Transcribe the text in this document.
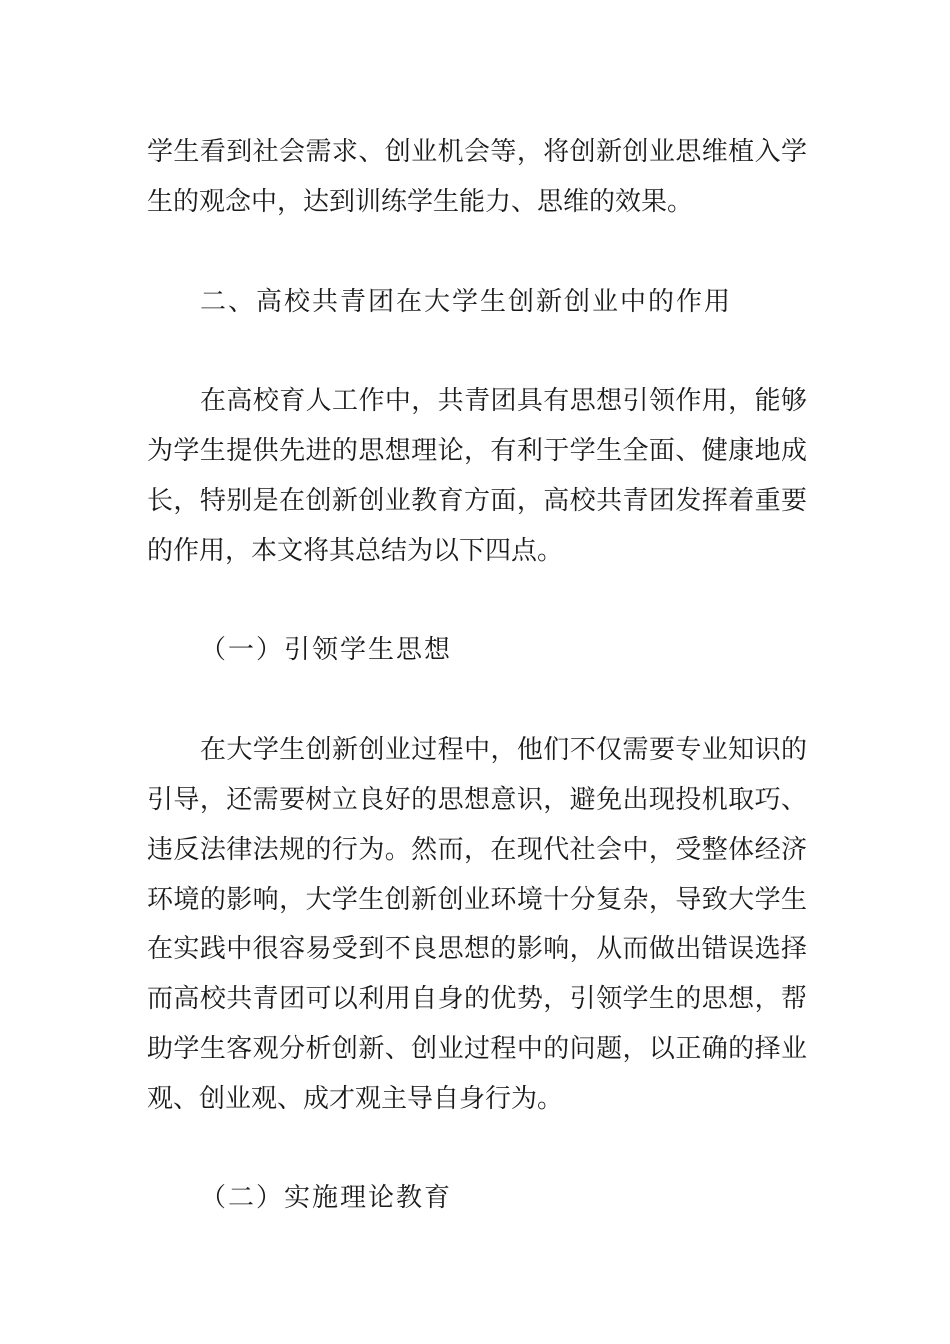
学生看到社会需求、创业机会等，将创新创业思维植入学
生的观念中，达到训练学生能力、思维的效果。
二、高校共青团在大学生创新创业中的作用
在高校育人工作中，共青团具有思想引领作用，能够
为学生提供先进的思想理论，有利于学生全面、健康地成
长，特别是在创新创业教育方面，高校共青团发挥着重要
的作用，本文将其总结为以下四点。
（一）引领学生思想
在大学生创新创业过程中，他们不仅需要专业知识的
引导，还需要树立良好的思想意识，避免出现投机取巧、
违反法律法规的行为。然而，在现代社会中，受整体经济
环境的影响，大学生创新创业环境十分复杂，导致大学生
在实践中很容易受到不良思想的影响，从而做出错误选择
而高校共青团可以利用自身的优势，引领学生的思想，帮
助学生客观分析创新、创业过程中的问题，以正确的择业
观、创业观、成才观主导自身行为。
（二）实施理论教育
